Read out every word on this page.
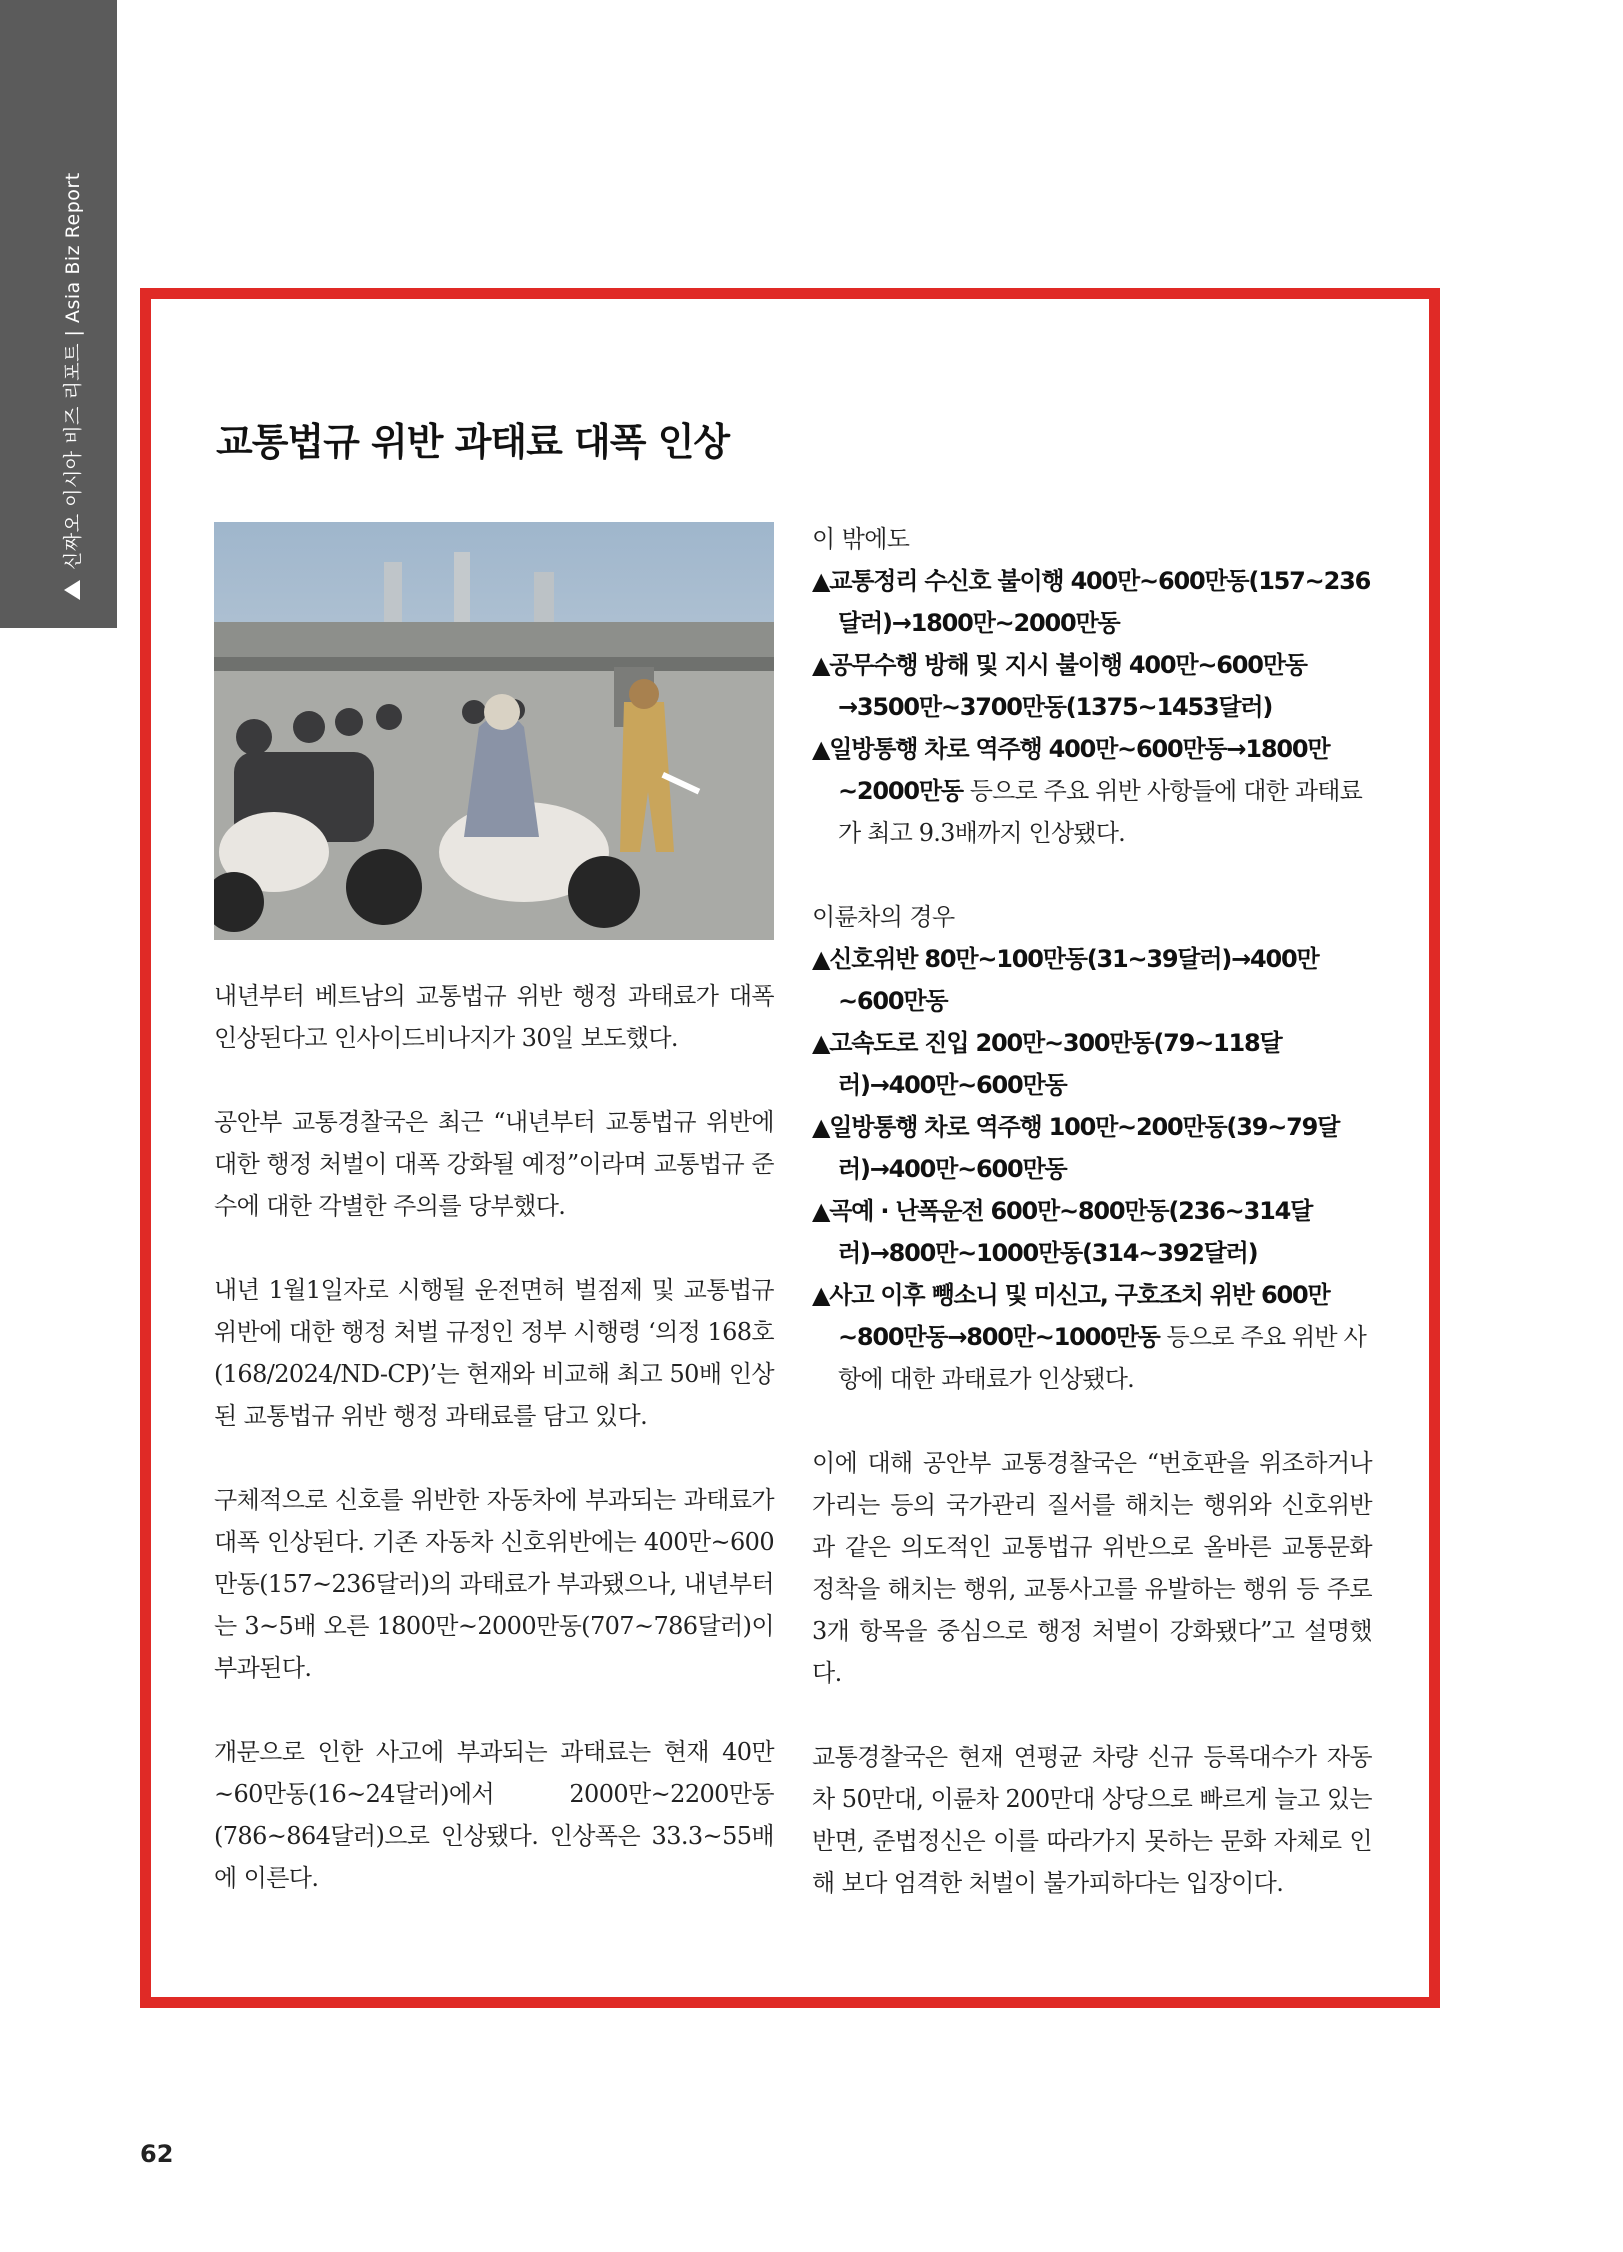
신짜오 이시아 비즈 리포트 | Asia Biz Report	교통법규 위반 과태료 대폭 인상

내년부터 베트남의 교통법규 위반 행정 과태료가 대폭 인상된다고 인사이드비나지가 30일 보도했다.

공안부 교통경찰국은 최근 “내년부터 교통법규 위반에 대한 행정 처벌이 대폭 강화될 예정”이라며 교통법규 준수에 대한 각별한 주의를 당부했다.

내년 1월1일자로 시행될 운전면허 벌점제 및 교통법규 위반에 대한 행정 처벌 규정인 정부 시행령 ‘의정 168호(168/2024/ND-CP)’는 현재와 비교해 최고 50배 인상된 교통법규 위반 행정 과태료를 담고 있다.

구체적으로 신호를 위반한 자동차에 부과되는 과태료가 대폭 인상된다. 기존 자동차 신호위반에는 400만~600만동(157~236달러)의 과태료가 부과됐으나, 내년부터는 3~5배 오른 1800만~2000만동(707~786달러)이 부과된다.

개문으로 인한 사고에 부과되는 과태료는 현재 40만~60만동(16~24달러)에서 2000만~2200만동(786~864달러)으로 인상됐다. 인상폭은 33.3~55배에 이른다.

이 밖에도

▲교통정리 수신호 불이행 400만~600만동(157~236달러)→1800만~2000만동
▲공무수행 방해 및 지시 불이행 400만~600만동→3500만~3700만동(1375~1453달러)
▲일방통행 차로 역주행 400만~600만동→1800만~2000만동 등으로 주요 위반 사항들에 대한 과태료가 최고 9.3배까지 인상됐다.

이륜차의 경우

▲신호위반 80만~100만동(31~39달러)→400만~600만동
▲고속도로 진입 200만~300만동(79~118달러)→400만~600만동
▲일방통행 차로 역주행 100만~200만동(39~79달러)→400만~600만동
▲곡예 · 난폭운전 600만~800만동(236~314달러)→800만~1000만동(314~392달러)
▲사고 이후 뺑소니 및 미신고, 구호조치 위반 600만~800만동→800만~1000만동 등으로 주요 위반 사항에 대한 과태료가 인상됐다.

이에 대해 공안부 교통경찰국은 “번호판을 위조하거나 가리는 등의 국가관리 질서를 해치는 행위와 신호위반과 같은 의도적인 교통법규 위반으로 올바른 교통문화 정착을 해치는 행위, 교통사고를 유발하는 행위 등 주로 3개 항목을 중심으로 행정 처벌이 강화됐다”고 설명했다.

교통경찰국은 현재 연평균 차량 신규 등록대수가 자동차 50만대, 이륜차 200만대 상당으로 빠르게 늘고 있는 반면, 준법정신은 이를 따라가지 못하는 문화 자체로 인해 보다 엄격한 처벌이 불가피하다는 입장이다.

62
